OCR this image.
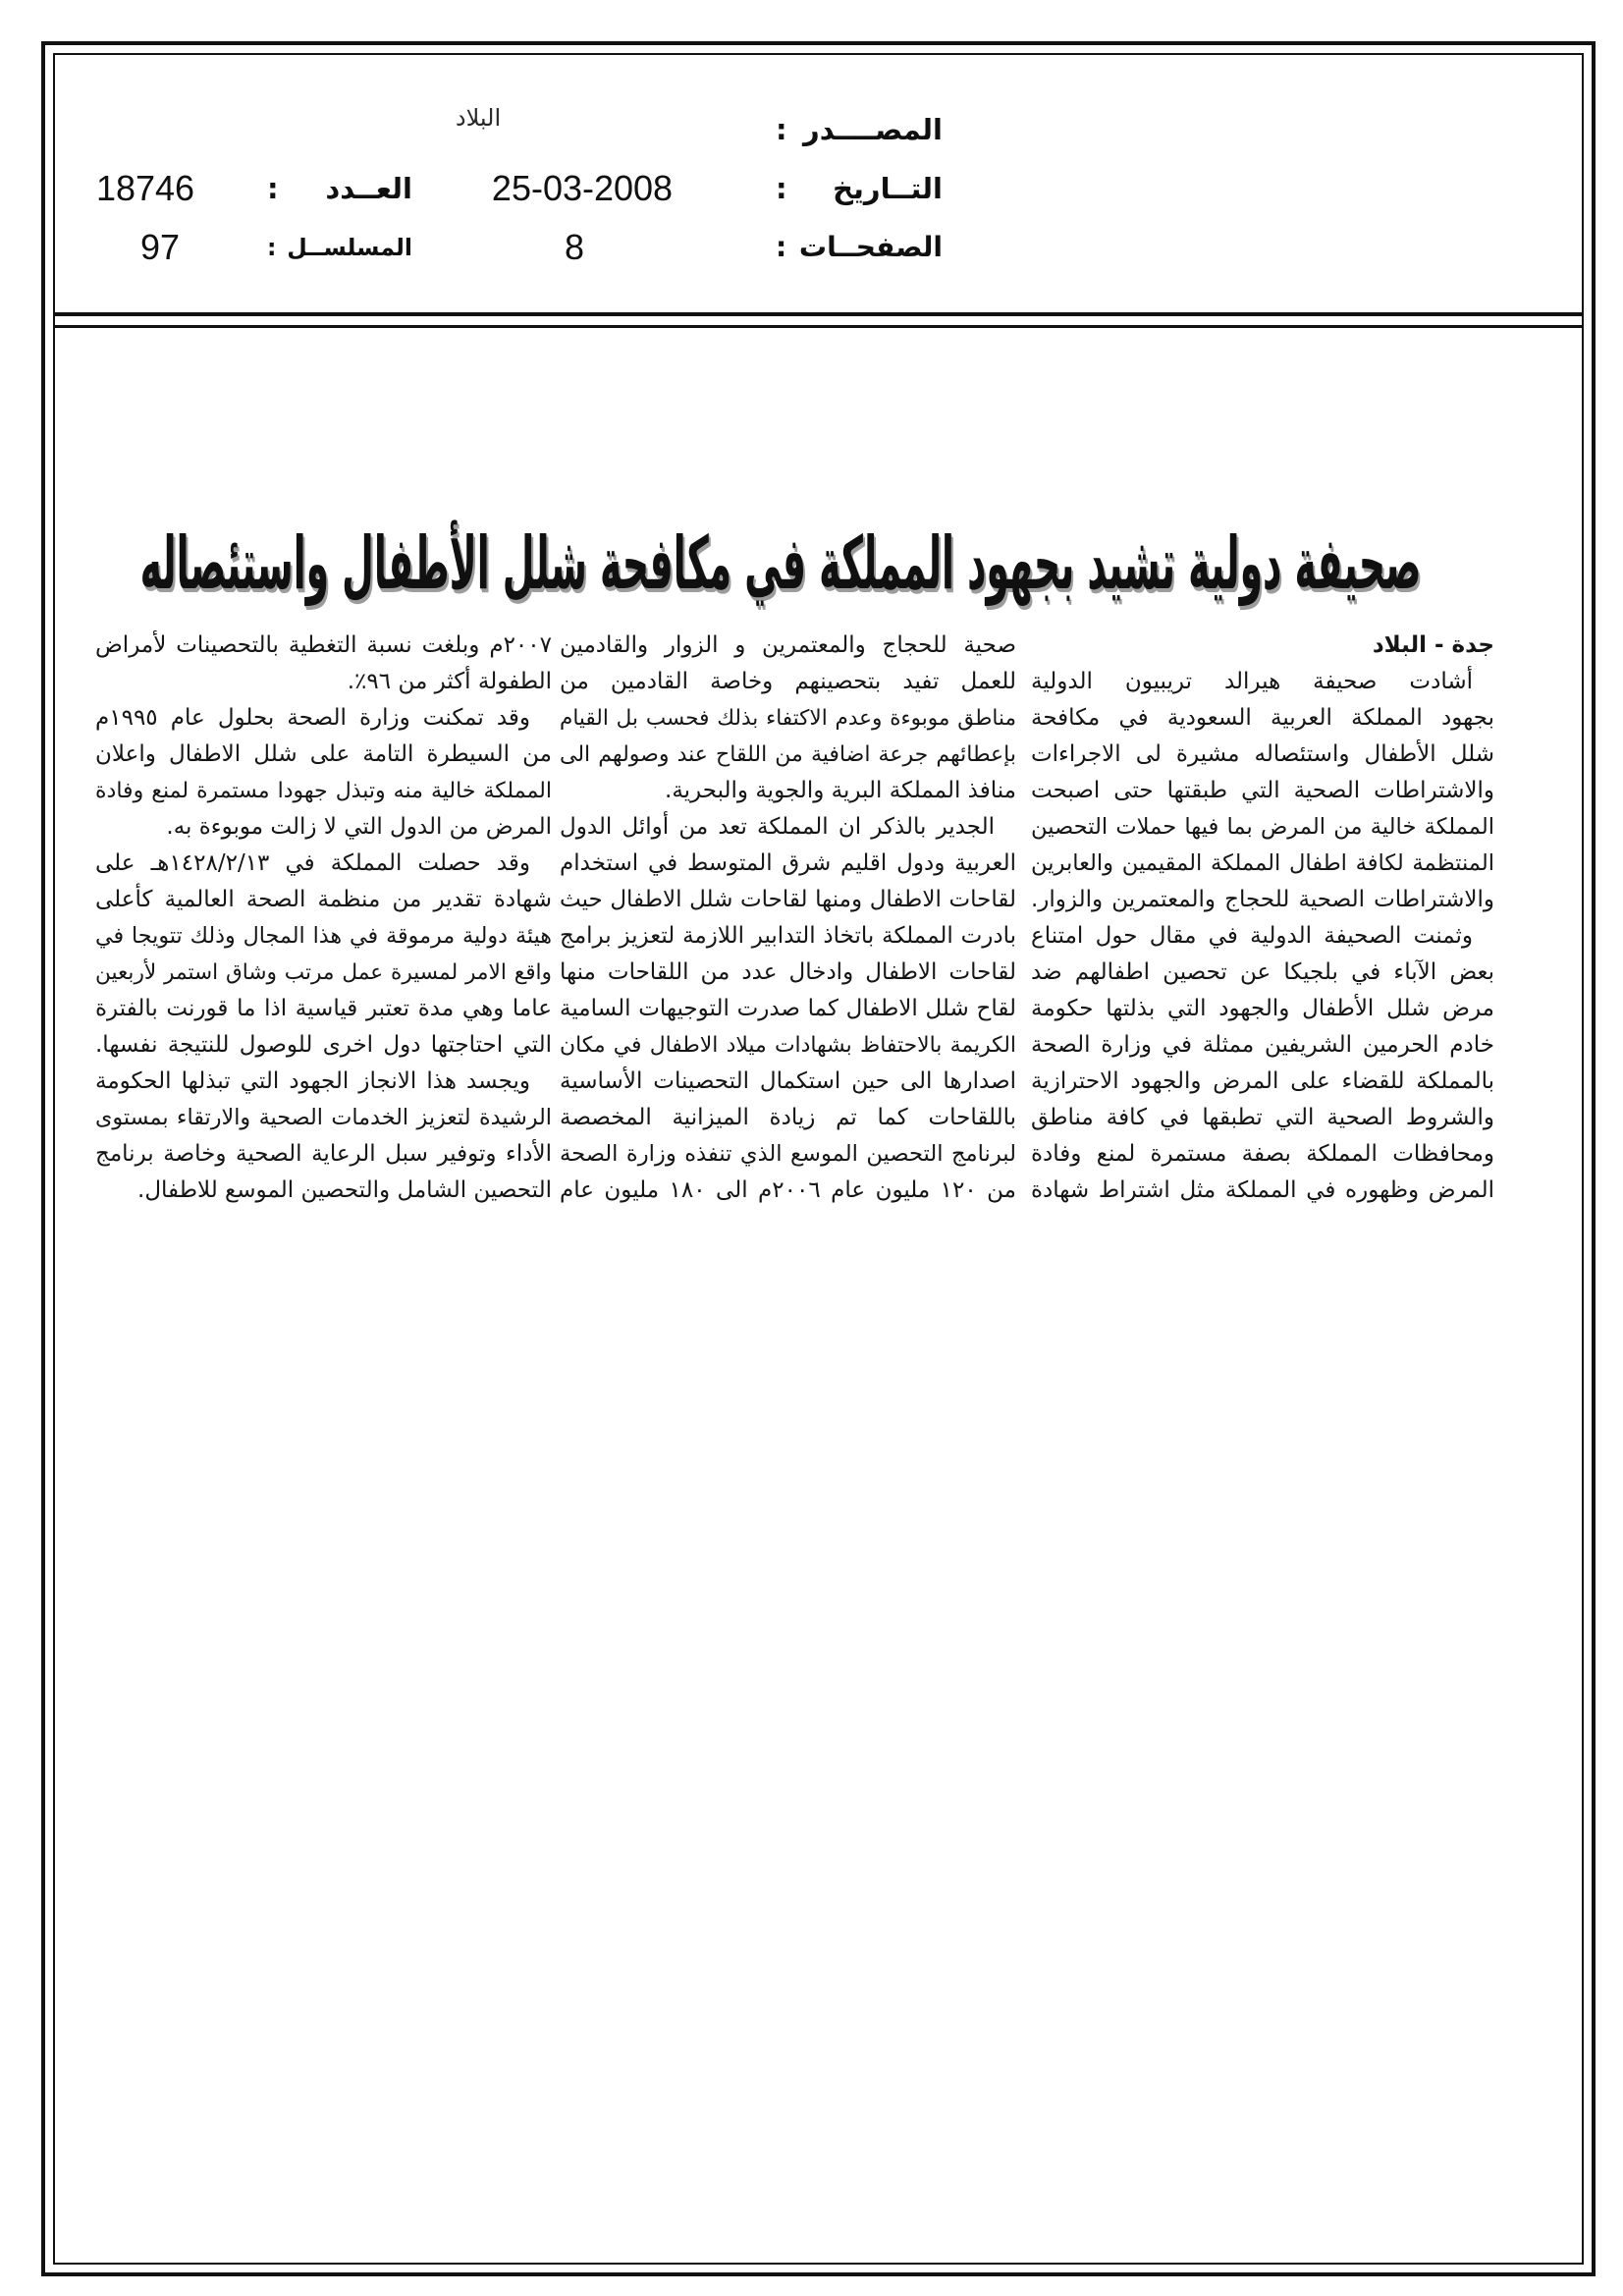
المصــــدر :
البلاد
التــاريخ :
25-03-2008
العــدد :
18746
الصفحــات :
8
المسلســل :
97
صحيفة دولية تشيد بجهود المملكة في مكافحة شلل الأطفال واستئصاله
جدة - البلاد
أشادت صحيفة هيرالد تريبيون الدولية
بجهود المملكة العربية السعودية في مكافحة
شلل الأطفال واستئصاله مشيرة لى الاجراءات
والاشتراطات الصحية التي طبقتها حتى اصبحت
المملكة خالية من المرض بما فيها حملات التحصين
المنتظمة لكافة اطفال المملكة المقيمين والعابرين
والاشتراطات الصحية للحجاج والمعتمرين والزوار.
وثمنت الصحيفة الدولية في مقال حول امتناع
بعض الآباء في بلجيكا عن تحصين اطفالهم ضد
مرض شلل الأطفال والجهود التي بذلتها حكومة
خادم الحرمين الشريفين ممثلة في وزارة الصحة
بالمملكة للقضاء على المرض والجهود الاحترازية
والشروط الصحية التي تطبقها في كافة مناطق
ومحافظات المملكة بصفة مستمرة لمنع وفادة
المرض وظهوره في المملكة مثل اشتراط شهادة
صحية للحجاج والمعتمرين و الزوار والقادمين
للعمل تفيد بتحصينهم وخاصة القادمين من
مناطق موبوءة وعدم الاكتفاء بذلك فحسب بل القيام
بإعطائهم جرعة اضافية من اللقاح عند وصولهم الى
منافذ المملكة البرية والجوية والبحرية.
الجدير بالذكر ان المملكة تعد من أوائل الدول
العربية ودول اقليم شرق المتوسط في استخدام
لقاحات الاطفال ومنها لقاحات شلل الاطفال حيث
بادرت المملكة باتخاذ التدابير اللازمة لتعزيز برامج
لقاحات الاطفال وادخال عدد من اللقاحات منها
لقاح شلل الاطفال كما صدرت التوجيهات السامية
الكريمة بالاحتفاظ بشهادات ميلاد الاطفال في مكان
اصدارها الى حين استكمال التحصينات الأساسية
باللقاحات كما تم زيادة الميزانية المخصصة
لبرنامج التحصين الموسع الذي تنفذه وزارة الصحة
من ١٢٠ مليون عام ٢٠٠٦م الى ١٨٠ مليون عام
٢٠٠٧م وبلغت نسبة التغطية بالتحصينات لأمراض
الطفولة أكثر من ٩٦٪.
وقد تمكنت وزارة الصحة بحلول عام ١٩٩٥م
من السيطرة التامة على شلل الاطفال واعلان
المملكة خالية منه وتبذل جهودا مستمرة لمنع وفادة
المرض من الدول التي لا زالت موبوءة به.
وقد حصلت المملكة في ١٤٢٨/٢/١٣هـ على
شهادة تقدير من منظمة الصحة العالمية كأعلى
هيئة دولية مرموقة في هذا المجال وذلك تتويجا في
واقع الامر لمسيرة عمل مرتب وشاق استمر لأربعين
عاما وهي مدة تعتبر قياسية اذا ما قورنت بالفترة
التي احتاجتها دول اخرى للوصول للنتيجة نفسها.
ويجسد هذا الانجاز الجهود التي تبذلها الحكومة
الرشيدة لتعزيز الخدمات الصحية والارتقاء بمستوى
الأداء وتوفير سبل الرعاية الصحية وخاصة برنامج
التحصين الشامل والتحصين الموسع للاطفال.
